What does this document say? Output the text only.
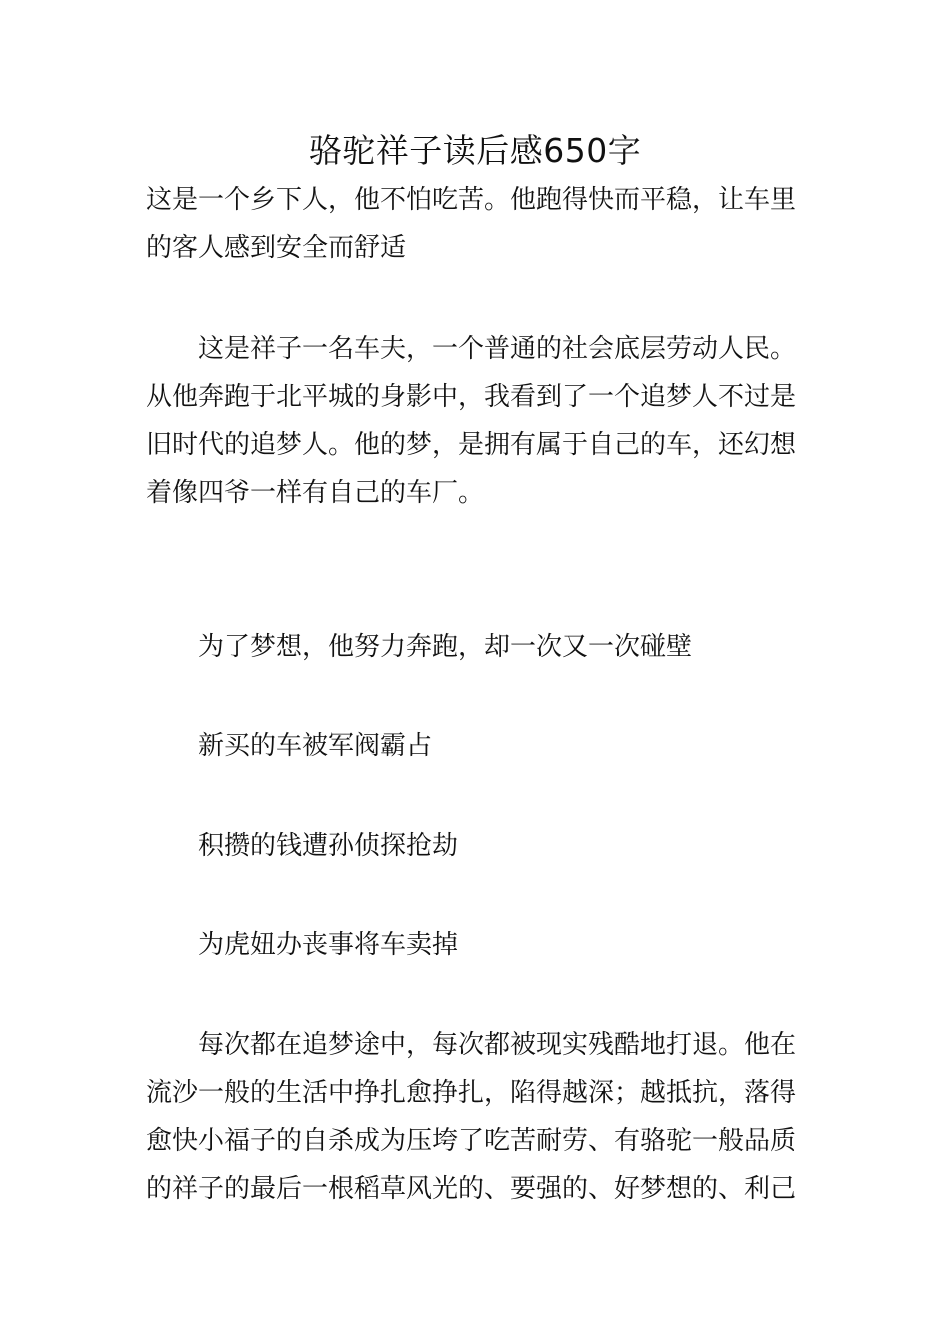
骆驼祥子读后感650字

这是一个乡下人，他不怕吃苦。他跑得快而平稳，让车里
的客人感到安全而舒适

这是祥子一名车夫，一个普通的社会底层劳动人民。
从他奔跑于北平城的身影中，我看到了一个追梦人不过是
旧时代的追梦人。他的梦，是拥有属于自己的车，还幻想
着像四爷一样有自己的车厂。

为了梦想，他努力奔跑，却一次又一次碰壁

新买的车被军阀霸占

积攒的钱遭孙侦探抢劫

为虎妞办丧事将车卖掉

每次都在追梦途中，每次都被现实残酷地打退。他在
流沙一般的生活中挣扎愈挣扎，陷得越深；越抵抗，落得
愈快小福子的自杀成为压垮了吃苦耐劳、有骆驼一般品质
的祥子的最后一根稻草风光的、要强的、好梦想的、利己
